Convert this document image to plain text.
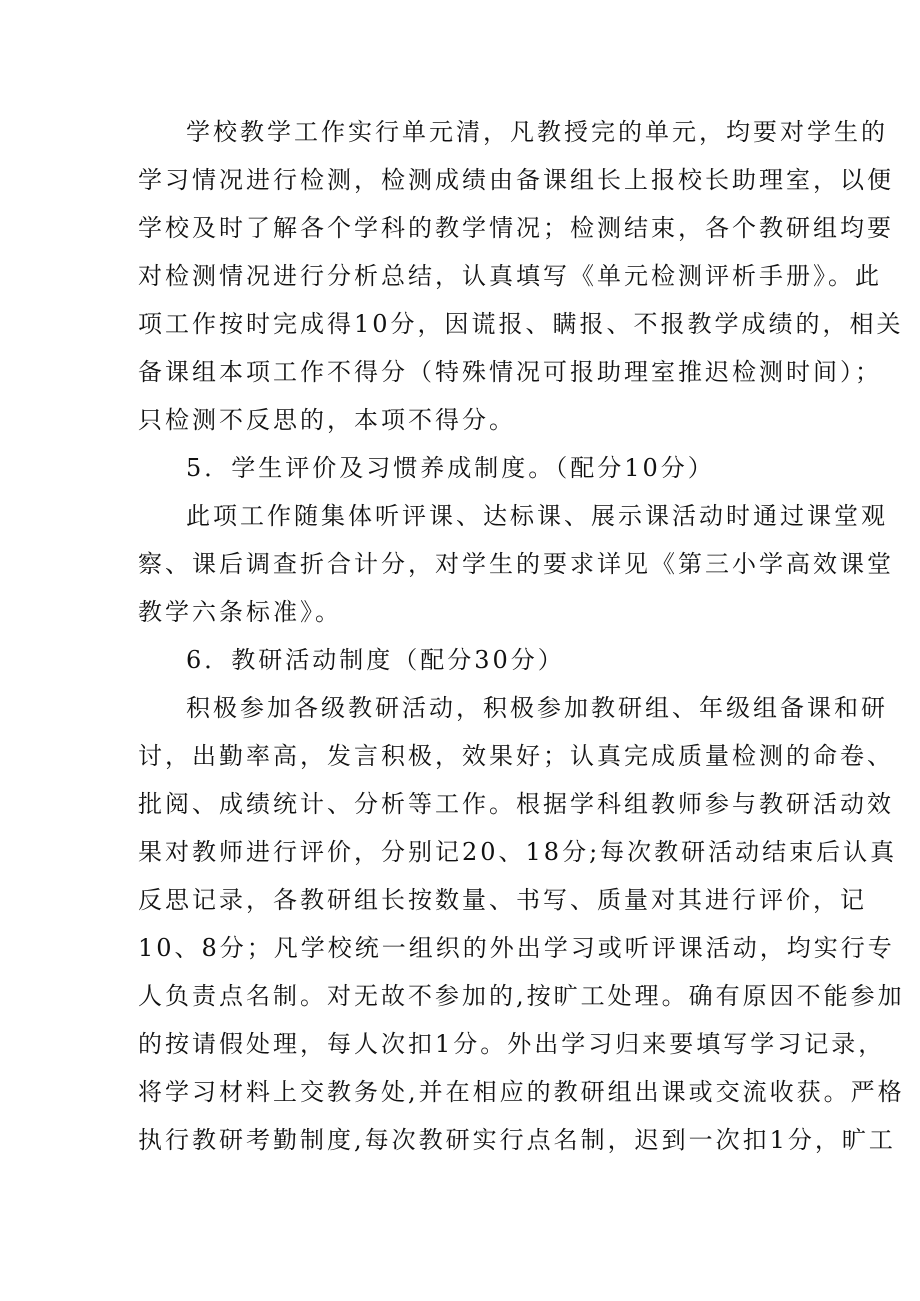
学校教学工作实行单元清，凡教授完的单元，均要对学生的
学习情况进行检测，检测成绩由备课组长上报校长助理室，以便
学校及时了解各个学科的教学情况；检测结束，各个教研组均要
对检测情况进行分析总结，认真填写《单元检测评析手册》。此
项工作按时完成得10分，因谎报、瞒报、不报教学成绩的，相关
备课组本项工作不得分（特殊情况可报助理室推迟检测时间）；
只检测不反思的，本项不得分。
5．学生评价及习惯养成制度。（配分10分）
此项工作随集体听评课、达标课、展示课活动时通过课堂观
察、课后调查折合计分，对学生的要求详见《第三小学高效课堂
教学六条标准》。
6．教研活动制度（配分30分）
积极参加各级教研活动，积极参加教研组、年级组备课和研
讨，出勤率高，发言积极，效果好；认真完成质量检测的命卷、
批阅、成绩统计、分析等工作。根据学科组教师参与教研活动效
果对教师进行评价，分别记20、18分;每次教研活动结束后认真
反思记录，各教研组长按数量、书写、质量对其进行评价，记
10、8分；凡学校统一组织的外出学习或听评课活动，均实行专
人负责点名制。对无故不参加的,按旷工处理。确有原因不能参加
的按请假处理，每人次扣1分。外出学习归来要填写学习记录，
将学习材料上交教务处,并在相应的教研组出课或交流收获。严格
执行教研考勤制度,每次教研实行点名制，迟到一次扣1分，旷工
